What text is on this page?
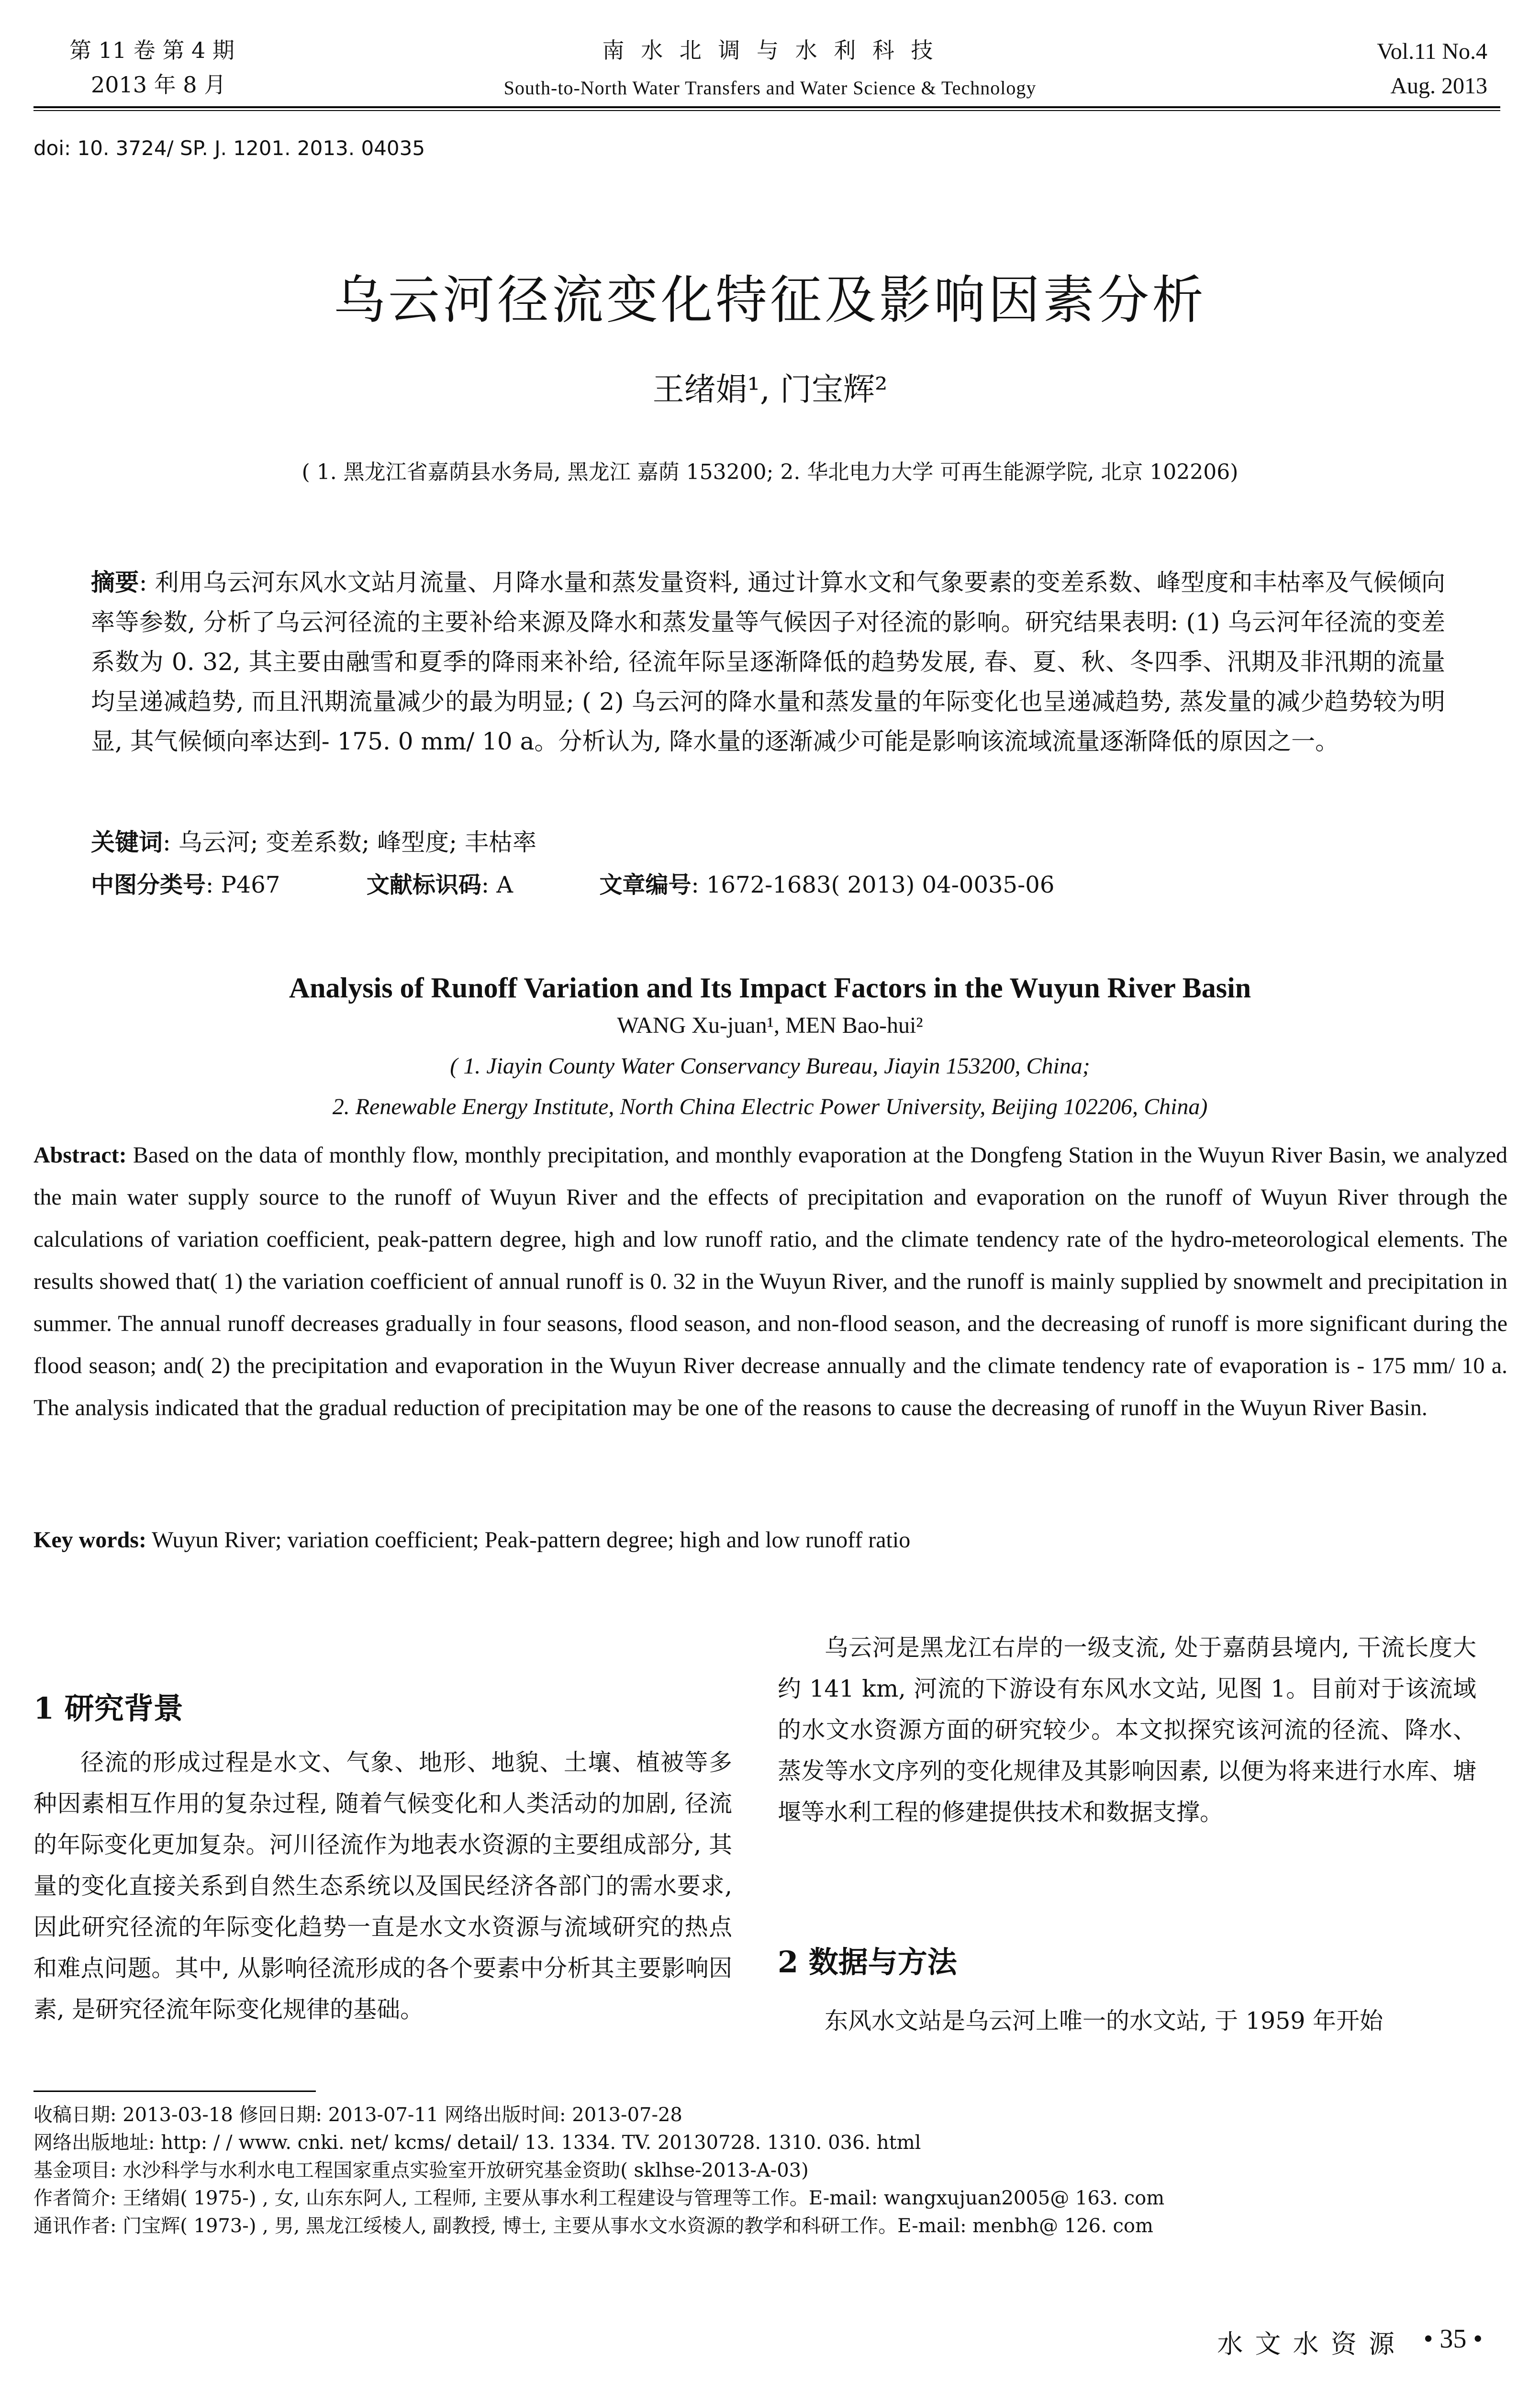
第 11 卷 第 4 期
2013 年 8 月
南 水 北 调 与 水 利 科 技
South-to-North Water Transfers and Water Science & Technology
Vol.11 No.4
Aug. 2013
doi: 10. 3724/ SP. J. 1201. 2013. 04035
乌云河径流变化特征及影响因素分析
王绪娟¹, 门宝辉²
( 1. 黑龙江省嘉荫县水务局, 黑龙江 嘉荫 153200; 2. 华北电力大学 可再生能源学院, 北京 102206)
摘要: 利用乌云河东风水文站月流量、月降水量和蒸发量资料, 通过计算水文和气象要素的变差系数、峰型度和丰枯率及气候倾向率等参数, 分析了乌云河径流的主要补给来源及降水和蒸发量等气候因子对径流的影响。研究结果表明: (1) 乌云河年径流的变差系数为 0. 32, 其主要由融雪和夏季的降雨来补给, 径流年际呈逐渐降低的趋势发展, 春、夏、秋、冬四季、汛期及非汛期的流量均呈递减趋势, 而且汛期流量减少的最为明显; ( 2) 乌云河的降水量和蒸发量的年际变化也呈递减趋势, 蒸发量的减少趋势较为明显, 其气候倾向率达到- 175. 0 mm/ 10 a。分析认为, 降水量的逐渐减少可能是影响该流域流量逐渐降低的原因之一。
关键词: 乌云河; 变差系数; 峰型度; 丰枯率
中图分类号: P467	文献标识码: A	文章编号: 1672-1683( 2013) 04-0035-06
Analysis of Runoff Variation and Its Impact Factors in the Wuyun River Basin
WANG Xu-juan¹, MEN Bao-hui²
( 1. Jiayin County Water Conservancy Bureau, Jiayin 153200, China;
2. Renewable Energy Institute, North China Electric Power University, Beijing 102206, China)
Abstract: Based on the data of monthly flow, monthly precipitation, and monthly evaporation at the Dongfeng Station in the Wuyun River Basin, we analyzed the main water supply source to the runoff of Wuyun River and the effects of precipitation and evaporation on the runoff of Wuyun River through the calculations of variation coefficient, peak-pattern degree, high and low runoff ratio, and the climate tendency rate of the hydro-meteorological elements. The results showed that( 1) the variation coefficient of annual runoff is 0. 32 in the Wuyun River, and the runoff is mainly supplied by snowmelt and precipitation in summer. The annual runoff decreases gradually in four seasons, flood season, and non-flood season, and the decreasing of runoff is more significant during the flood season; and( 2) the precipitation and evaporation in the Wuyun River decrease annually and the climate tendency rate of evaporation is - 175 mm/ 10 a. The analysis indicated that the gradual reduction of precipitation may be one of the reasons to cause the decreasing of runoff in the Wuyun River Basin.
Key words: Wuyun River; variation coefficient; Peak-pattern degree; high and low runoff ratio
1 研究背景

径流的形成过程是水文、气象、地形、地貌、土壤、植被等多种因素相互作用的复杂过程, 随着气候变化和人类活动的加剧, 径流的年际变化更加复杂。河川径流作为地表水资源的主要组成部分, 其量的变化直接关系到自然生态系统以及国民经济各部门的需水要求, 因此研究径流的年际变化趋势一直是水文水资源与流域研究的热点和难点问题。其中, 从影响径流形成的各个要素中分析其主要影响因素, 是研究径流年际变化规律的基础。

乌云河是黑龙江右岸的一级支流, 处于嘉荫县境内, 干流长度大约 141 km, 河流的下游设有东风水文站, 见图 1。目前对于该流域的水文水资源方面的研究较少。本文拟探究该河流的径流、降水、蒸发等水文序列的变化规律及其影响因素, 以便为将来进行水库、塘堰等水利工程的修建提供技术和数据支撑。

2 数据与方法

东风水文站是乌云河上唯一的水文站, 于 1959 年开始

收稿日期: 2013-03-18 修回日期: 2013-07-11 网络出版时间: 2013-07-28
网络出版地址: http: / / www. cnki. net/ kcms/ detail/ 13. 1334. TV. 20130728. 1310. 036. html
基金项目: 水沙科学与水利水电工程国家重点实验室开放研究基金资助( sklhse-2013-A-03)
作者简介: 王绪娟( 1975-) , 女, 山东东阿人, 工程师, 主要从事水利工程建设与管理等工作。E-mail: wangxujuan2005@ 163. com
通讯作者: 门宝辉( 1973-) , 男, 黑龙江绥棱人, 副教授, 博士, 主要从事水文水资源的教学和科研工作。E-mail: menbh@ 126. com
水 文 水 资 源 • 35 •
